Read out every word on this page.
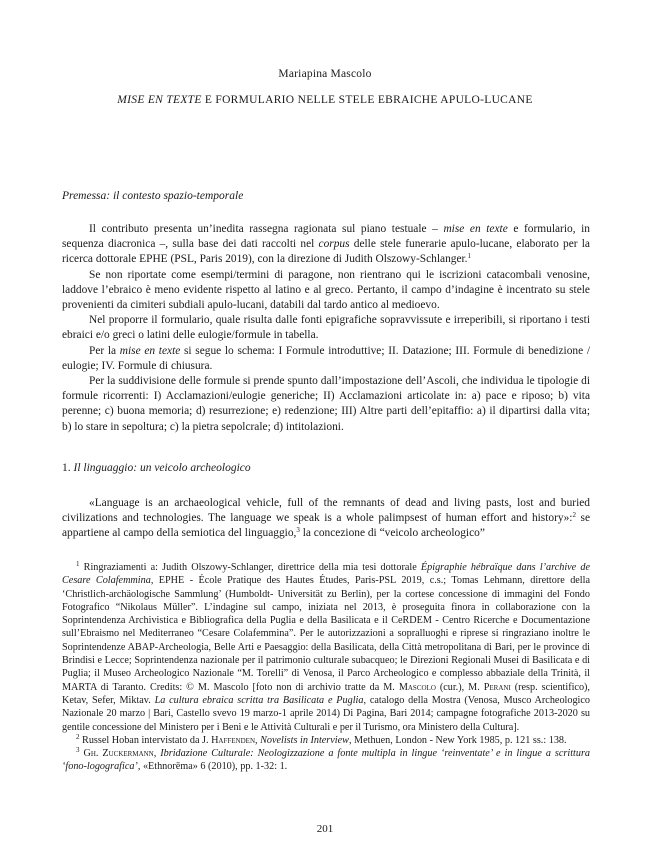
Mariapina Mascolo
MISE EN TEXTE E FORMULARIO NELLE STELE EBRAICHE APULO-LUCANE
Premessa: il contesto spazio-temporale

Il contributo presenta un’inedita rassegna ragionata sul piano testuale – mise en texte e formulario, in sequenza diacronica –, sulla base dei dati raccolti nel corpus delle stele funerarie apulo-lucane, elaborato per la ricerca dottorale EPHE (PSL, Paris 2019), con la direzione di Judith Olszowy-Schlanger.$^1$

Se non riportate come esempi/termini di paragone, non rientrano qui le iscrizioni catacombali venosine, laddove l’ebraico è meno evidente rispetto al latino e al greco. Pertanto, il campo d’indagine è incentrato su stele provenienti da cimiteri subdiali apulo-lucani, databili dal tardo antico al medioevo.

Nel proporre il formulario, quale risulta dalle fonti epigrafiche sopravvissute e irreperibili, si riportano i testi ebraici e/o greci o latini delle eulogie/formule in tabella.

Per la mise en texte si segue lo schema: I Formule introduttive; II. Datazione; III. Formule di benedizione / eulogie; IV. Formule di chiusura.

Per la suddivisione delle formule si prende spunto dall’impostazione dell’Ascoli, che individua le tipologie di formule ricorrenti: I) Acclamazioni/eulogie generiche; II) Acclamazioni articolate in: a) pace e riposo; b) vita perenne; c) buona memoria; d) resurrezione; e) redenzione; III) Altre parti dell’epitaffio: a) il dipartirsi dalla vita; b) lo stare in sepoltura; c) la pietra sepolcrale; d) intitolazioni.

1. Il linguaggio: un veicolo archeologico

«Language is an archaeological vehicle, full of the remnants of dead and living pasts, lost and buried civilizations and technologies. The language we speak is a whole palimpsest of human effort and history»:$^2$ se appartiene al campo della semiotica del linguaggio,$^3$ la concezione di “veicolo archeologico”

$^1$ Ringraziamenti a: Judith Olszowy-Schlanger, direttrice della mia tesi dottorale Épigraphie hébraïque dans l’archive de Cesare Colafemmina, EPHE - École Pratique des Hautes Études, Paris-PSL 2019, c.s.; Tomas Lehmann, direttore della ‘Christlich-archäologische Sammlung’ (Humboldt- Universität zu Berlin), per la cortese concessione di immagini del Fondo Fotografico “Nikolaus Müller”. L’indagine sul campo, iniziata nel 2013, è proseguita finora in collaborazione con la Soprintendenza Archivistica e Bibliografica della Puglia e della Basilicata e il CeRDEM - Centro Ricerche e Documentazione sull’Ebraismo nel Mediterraneo “Cesare Colafemmina”. Per le autorizzazioni a sopralluoghi e riprese si ringraziano inoltre le Soprintendenze ABAP-Archeologia, Belle Arti e Paesaggio: della Basilicata, della Città metropolitana di Bari, per le province di Brindisi e Lecce; Soprintendenza nazionale per il patrimonio culturale subacqueo; le Direzioni Regionali Musei di Basilicata e di Puglia; il Museo Archeologico Nazionale “M. Torelli” di Venosa, il Parco Archeologico e complesso abbaziale della Trinità, il MARTA di Taranto. Credits: © M. Mascolo [foto non di archivio tratte da M. Mascolo (cur.), M. Perani (resp. scientifico), Ketav, Sefer, Miktav. La cultura ebraica scritta tra Basilicata e Puglia, catalogo della Mostra (Venosa, Musco Archeologico Nazionale 20 marzo | Bari, Castello svevo 19 marzo-1 aprile 2014) Di Pagina, Bari 2014; campagne fotografiche 2013-2020 su gentile concessione del Ministero per i Beni e le Attività Culturali e per il Turismo, ora Ministero della Cultura].

$^2$ Russel Hoban intervistato da J. Haffenden, Novelists in Interview, Methuen, London - New York 1985, p. 121 ss.: 138.

$^3$ Gh. Zuckermann, Ibridazione Culturale: Neologizzazione a fonte multipla in lingue ‘reinventate’ e in lingue a scrittura ‘fono-logografica’, «Ethnorēma» 6 (2010), pp. 1-32: 1.

201
